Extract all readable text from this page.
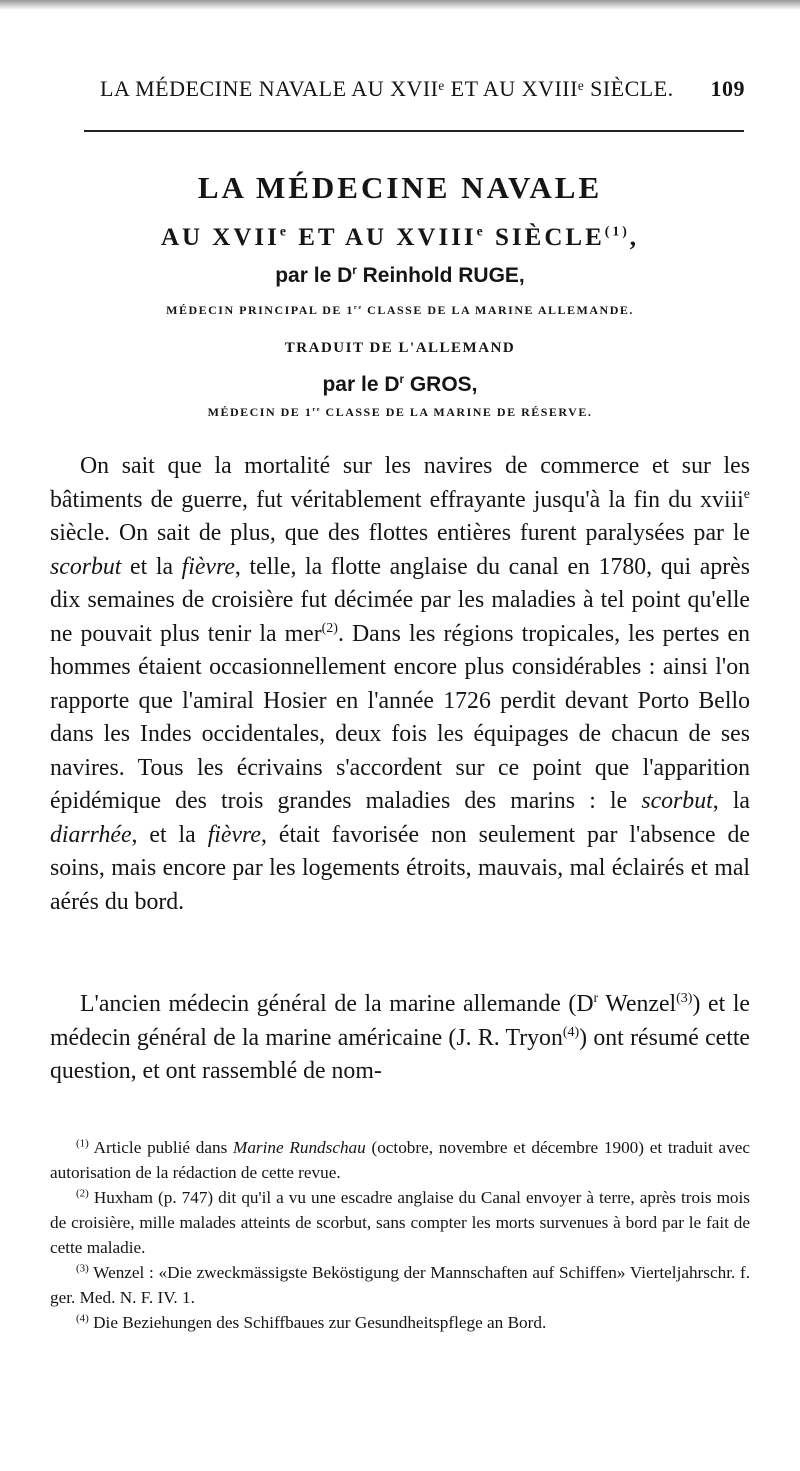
LA MÉDECINE NAVALE AU XVIIᵉ ET AU XVIIIᵉ SIÈCLE. 109
LA MÉDECINE NAVALE
AU XVIIe ET AU XVIIIe SIÈCLE$^{(1)}$,
par le $D^r$ Reinhold RUGE,
MÉDECIN PRINCIPAL DE 1re CLASSE DE LA MARINE ALLEMANDE.
TRADUIT DE L'ALLEMAND
par le $D^r$ GROS,
MÉDECIN DE 1re CLASSE DE LA MARINE DE RÉSERVE.
On sait que la mortalité sur les navires de commerce et sur les bâtiments de guerre, fut véritablement effrayante jusqu'à la fin du xviii$^e$ siècle. On sait de plus, que des flottes entières furent paralysées par le scorbut et la fièvre, telle, la flotte anglaise du canal en 1780, qui après dix semaines de croisière fut décimée par les maladies à tel point qu'elle ne pouvait plus tenir la mer$^{(2)}$. Dans les régions tropicales, les pertes en hommes étaient occasionnellement encore plus considérables : ainsi l'on rapporte que l'amiral Hosier en l'année 1726 perdit devant Porto Bello dans les Indes occidentales, deux fois les équipages de chacun de ses navires. Tous les écrivains s'accordent sur ce point que l'apparition épidémique des trois grandes maladies des marins : le scorbut, la diarrhée, et la fièvre, était favorisée non seulement par l'absence de soins, mais encore par les logements étroits, mauvais, mal éclairés et mal aérés du bord.
L'ancien médecin général de la marine allemande (D$^r$ Wenzel$^{(3)}$) et le médecin général de la marine américaine (J. R. Tryon$^{(4)}$) ont résumé cette question, et ont rassemblé de nom-

$^{(1)}$ Article publié dans Marine Rundschau (octobre, novembre et décembre 1900) et traduit avec autorisation de la rédaction de cette revue.

$^{(2)}$ Huxham (p. 747) dit qu'il a vu une escadre anglaise du Canal envoyer à terre, après trois mois de croisière, mille malades atteints de scorbut, sans compter les morts survenues à bord par le fait de cette maladie.

$^{(3)}$ Wenzel : «Die zweckmässigste Beköstigung der Mannschaften auf Schiffen» Vierteljahrschr. f. ger. Med. N. F. IV. 1.

$^{(4)}$ Die Beziehungen des Schiffbaues zur Gesundheitspflege an Bord.
